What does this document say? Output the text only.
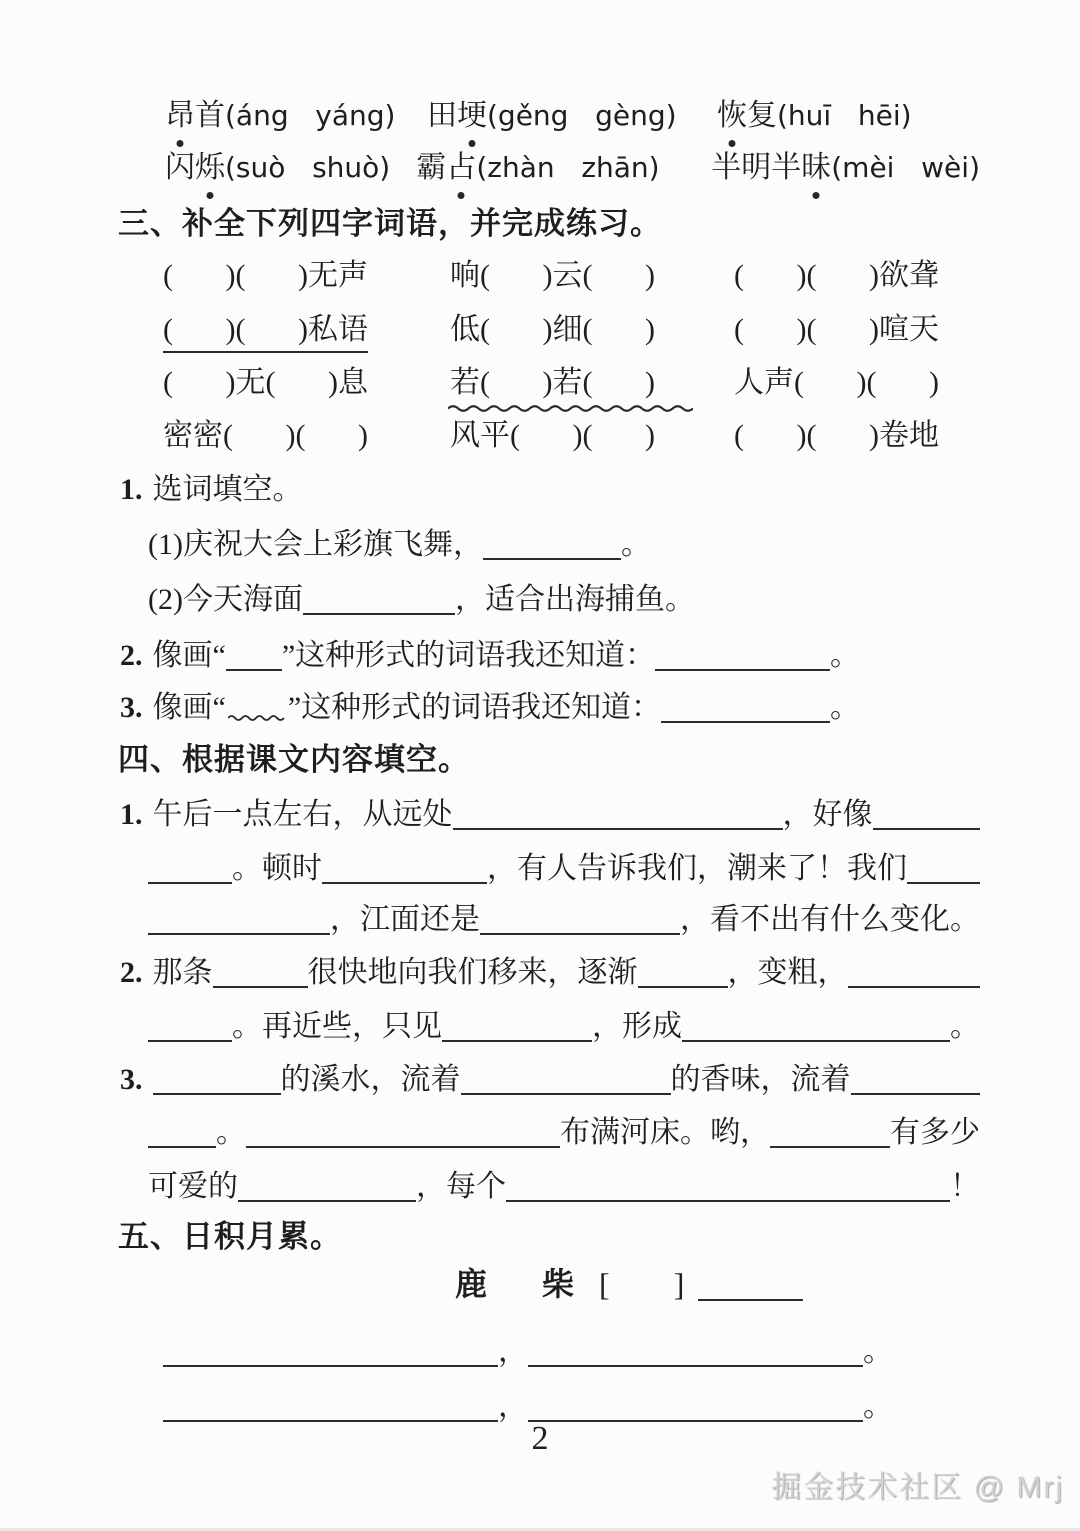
昂首(áng   yáng)	田埂(gěng   gèng)	恢复(huī   hēi)
闪烁(suò   shuò) 霸占(zhàn   zhān)	半明半昧(mèi   wèi)
三、补全下列四字词语，并完成练习。
(       )(       )无声	响(       )云(       )	(       )(       )欲聋
(       )(       )私语	低(       )细(       )	(       )(       )喧天
(       )无(       )息	若(       )若(       )	人声(       )(       )
密密(       )(       )	风平(       )(       )	(       )(       )卷地
1. 选词填空。
(1)庆祝大会上彩旗飞舞，	。
(2)今天海面	，适合出海捕鱼。
2. 像画“ ”这种形式的词语我还知道：	。
3. 像画“ ”这种形式的词语我还知道：	。
四、根据课文内容填空。
1. 午后一点左右，从远处	，好像
。顿时	，有人告诉我们，潮来了！我们
，江面还是	，看不出有什么变化。
2. 那条	很快地向我们移来，逐渐	，变粗，
。再近些，只见	，形成	。
3.	的溪水，流着	的香味，流着
。	布满河床。哟，	有多少
可爱的	，每个	！
五、日积月累。
鹿 柴 [        ]
，	。
，	。
2
掘金技术社区 @ Mrj
